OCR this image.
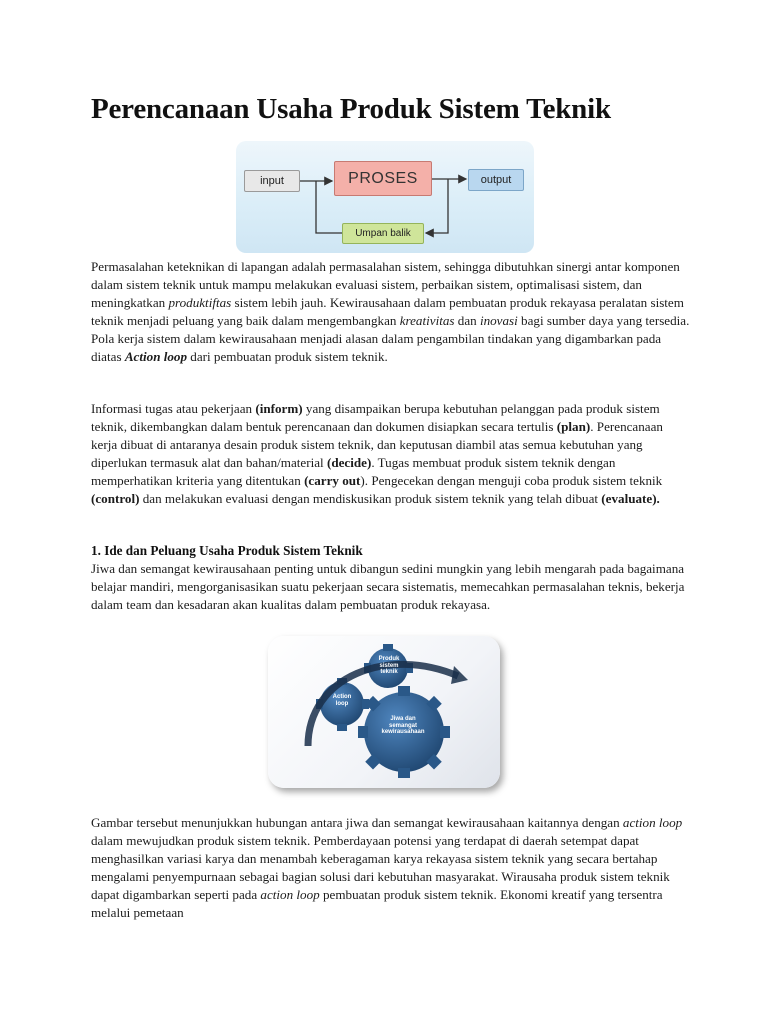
Perencanaan Usaha Produk Sistem Teknik
input	PROSES	output
Umpan balik

Permasalahan keteknikan di lapangan adalah permasalahan sistem, sehingga dibutuhkan sinergi antar komponen dalam sistem teknik untuk mampu melakukan evaluasi sistem, perbaikan sistem, optimalisasi sistem, dan meningkatkan produktiftas sistem lebih jauh. Kewirausahaan dalam pembuatan produk rekayasa peralatan sistem teknik menjadi peluang yang baik dalam mengembangkan kreativitas dan inovasi bagi sumber daya yang tersedia. Pola kerja sistem dalam kewirausahaan menjadi alasan dalam pengambilan tindakan yang digambarkan pada diatas Action loop dari pembuatan produk sistem teknik.

Informasi tugas atau pekerjaan (inform) yang disampaikan berupa kebutuhan pelanggan pada produk sistem teknik, dikembangkan dalam bentuk perencanaan dan dokumen disiapkan secara tertulis (plan). Perencanaan kerja dibuat di antaranya desain produk sistem teknik, dan keputusan diambil atas semua kebutuhan yang diperlukan termasuk alat dan bahan/material (decide). Tugas membuat produk sistem teknik dengan memperhatikan kriteria yang ditentukan (carry out). Pengecekan dengan menguji coba produk sistem teknik (control) dan melakukan evaluasi dengan mendiskusikan produk sistem teknik yang telah dibuat (evaluate).

1. Ide dan Peluang Usaha Produk Sistem Teknik

Jiwa dan semangat kewirausahaan penting untuk dibangun sedini mungkin yang lebih mengarah pada bagaimana belajar mandiri, mengorganisasikan suatu pekerjaan secara sistematis, memecahkan permasalahan teknis, bekerja dalam team dan kesadaran akan kualitas dalam pembuatan produk rekayasa.

Produk sistem teknik
Action loop
Jiwa dan semangat kewirausahaan

Gambar tersebut menunjukkan hubungan antara jiwa dan semangat kewirausahaan kaitannya dengan action loop dalam mewujudkan produk sistem teknik. Pemberdayaan potensi yang terdapat di daerah setempat dapat menghasilkan variasi karya dan menambah keberagaman karya rekayasa sistem teknik yang secara bertahap mengalami penyempurnaan sebagai bagian solusi dari kebutuhan masyarakat. Wirausaha produk sistem teknik dapat digambarkan seperti pada action loop pembuatan produk sistem teknik. Ekonomi kreatif yang tersentra melalui pemetaan
